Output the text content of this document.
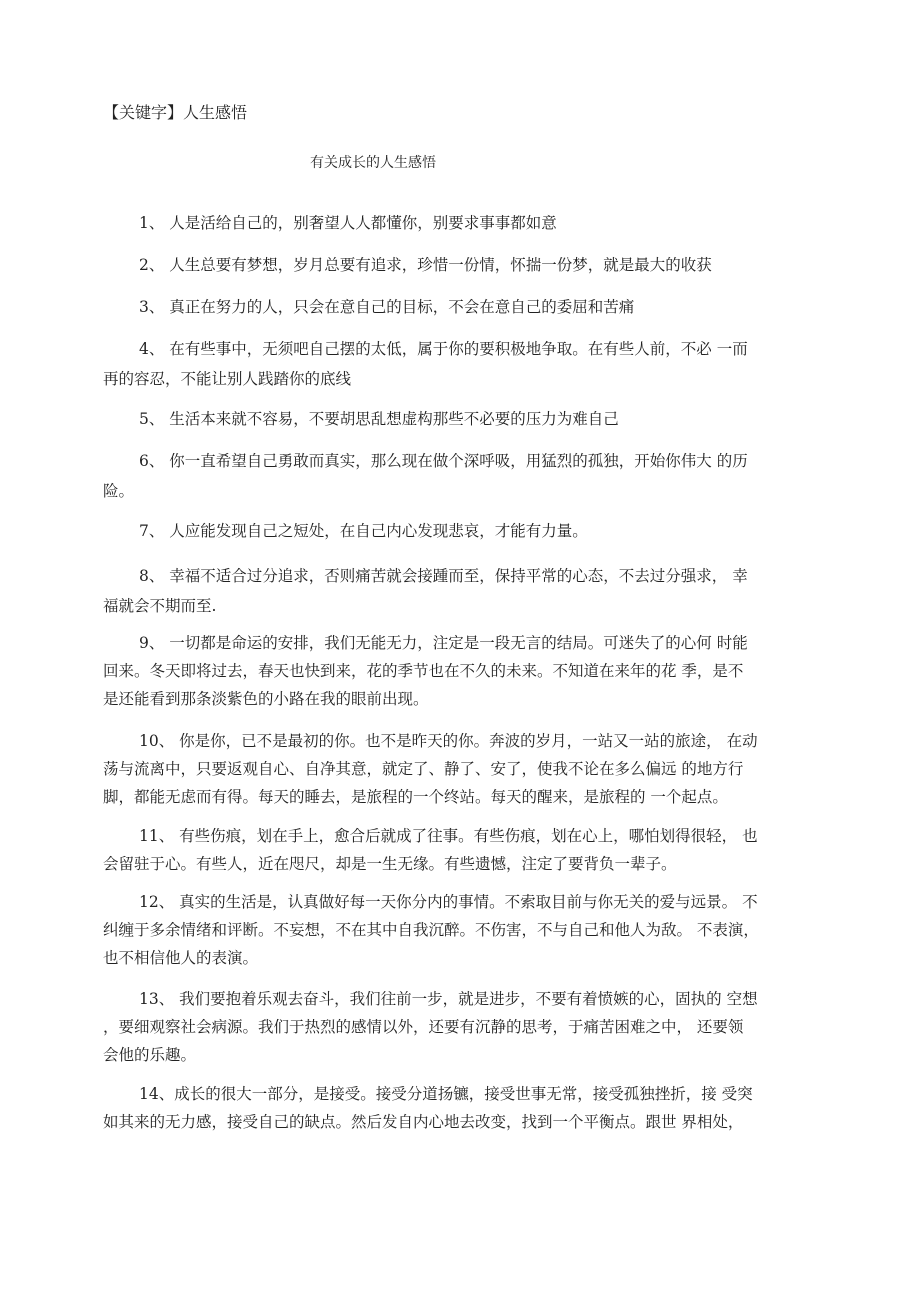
【关键字】人生感悟
有关成长的人生感悟
1、 人是活给自己的，别奢望人人都懂你，别要求事事都如意
2、 人生总要有梦想，岁月总要有追求，珍惜一份情，怀揣一份梦，就是最大的收获
3、 真正在努力的人，只会在意自己的目标，不会在意自己的委屈和苦痛
4、 在有些事中，无须吧自己摆的太低，属于你的要积极地争取。在有些人前，不必 一而
再的容忍，不能让别人践踏你的底线
5、 生活本来就不容易，不要胡思乱想虚构那些不必要的压力为难自己
6、 你一直希望自己勇敢而真实，那么现在做个深呼吸，用猛烈的孤独，开始你伟大 的历
险。
7、 人应能发现自己之短处，在自己内心发现悲哀，才能有力量。
8、 幸福不适合过分追求，否则痛苦就会接踵而至，保持平常的心态，不去过分强求， 幸
福就会不期而至.
9、 一切都是命运的安排，我们无能无力，注定是一段无言的结局。可迷失了的心何 时能
回来。冬天即将过去，春天也快到来，花的季节也在不久的未来。不知道在来年的花 季，是不
是还能看到那条淡紫色的小路在我的眼前出现。
10、 你是你，已不是最初的你。也不是昨天的你。奔波的岁月，一站又一站的旅途， 在动
荡与流离中，只要返观自心、自净其意，就定了、静了、安了，使我不论在多么偏远 的地方行
脚，都能无虑而有得。每天的睡去，是旅程的一个终站。每天的醒来，是旅程的 一个起点。
11、 有些伤痕，划在手上，愈合后就成了往事。有些伤痕，划在心上，哪怕划得很轻， 也
会留驻于心。有些人，近在咫尺，却是一生无缘。有些遗憾，注定了要背负一辈子。
12、 真实的生活是，认真做好每一天你分内的事情。不索取目前与你无关的爱与远景。 不
纠缠于多余情绪和评断。不妄想，不在其中自我沉醉。不伤害，不与自己和他人为敌。 不表演，
也不相信他人的表演。
13、 我们要抱着乐观去奋斗，我们往前一步，就是进步，不要有着愤嫉的心，固执的 空想
，要细观察社会病源。我们于热烈的感情以外，还要有沉静的思考，于痛苦困难之中， 还要领
会他的乐趣。
14、成长的很大一部分，是接受。接受分道扬镳，接受世事无常，接受孤独挫折，接 受突
如其来的无力感，接受自己的缺点。然后发自内心地去改变，找到一个平衡点。跟世 界相处，
